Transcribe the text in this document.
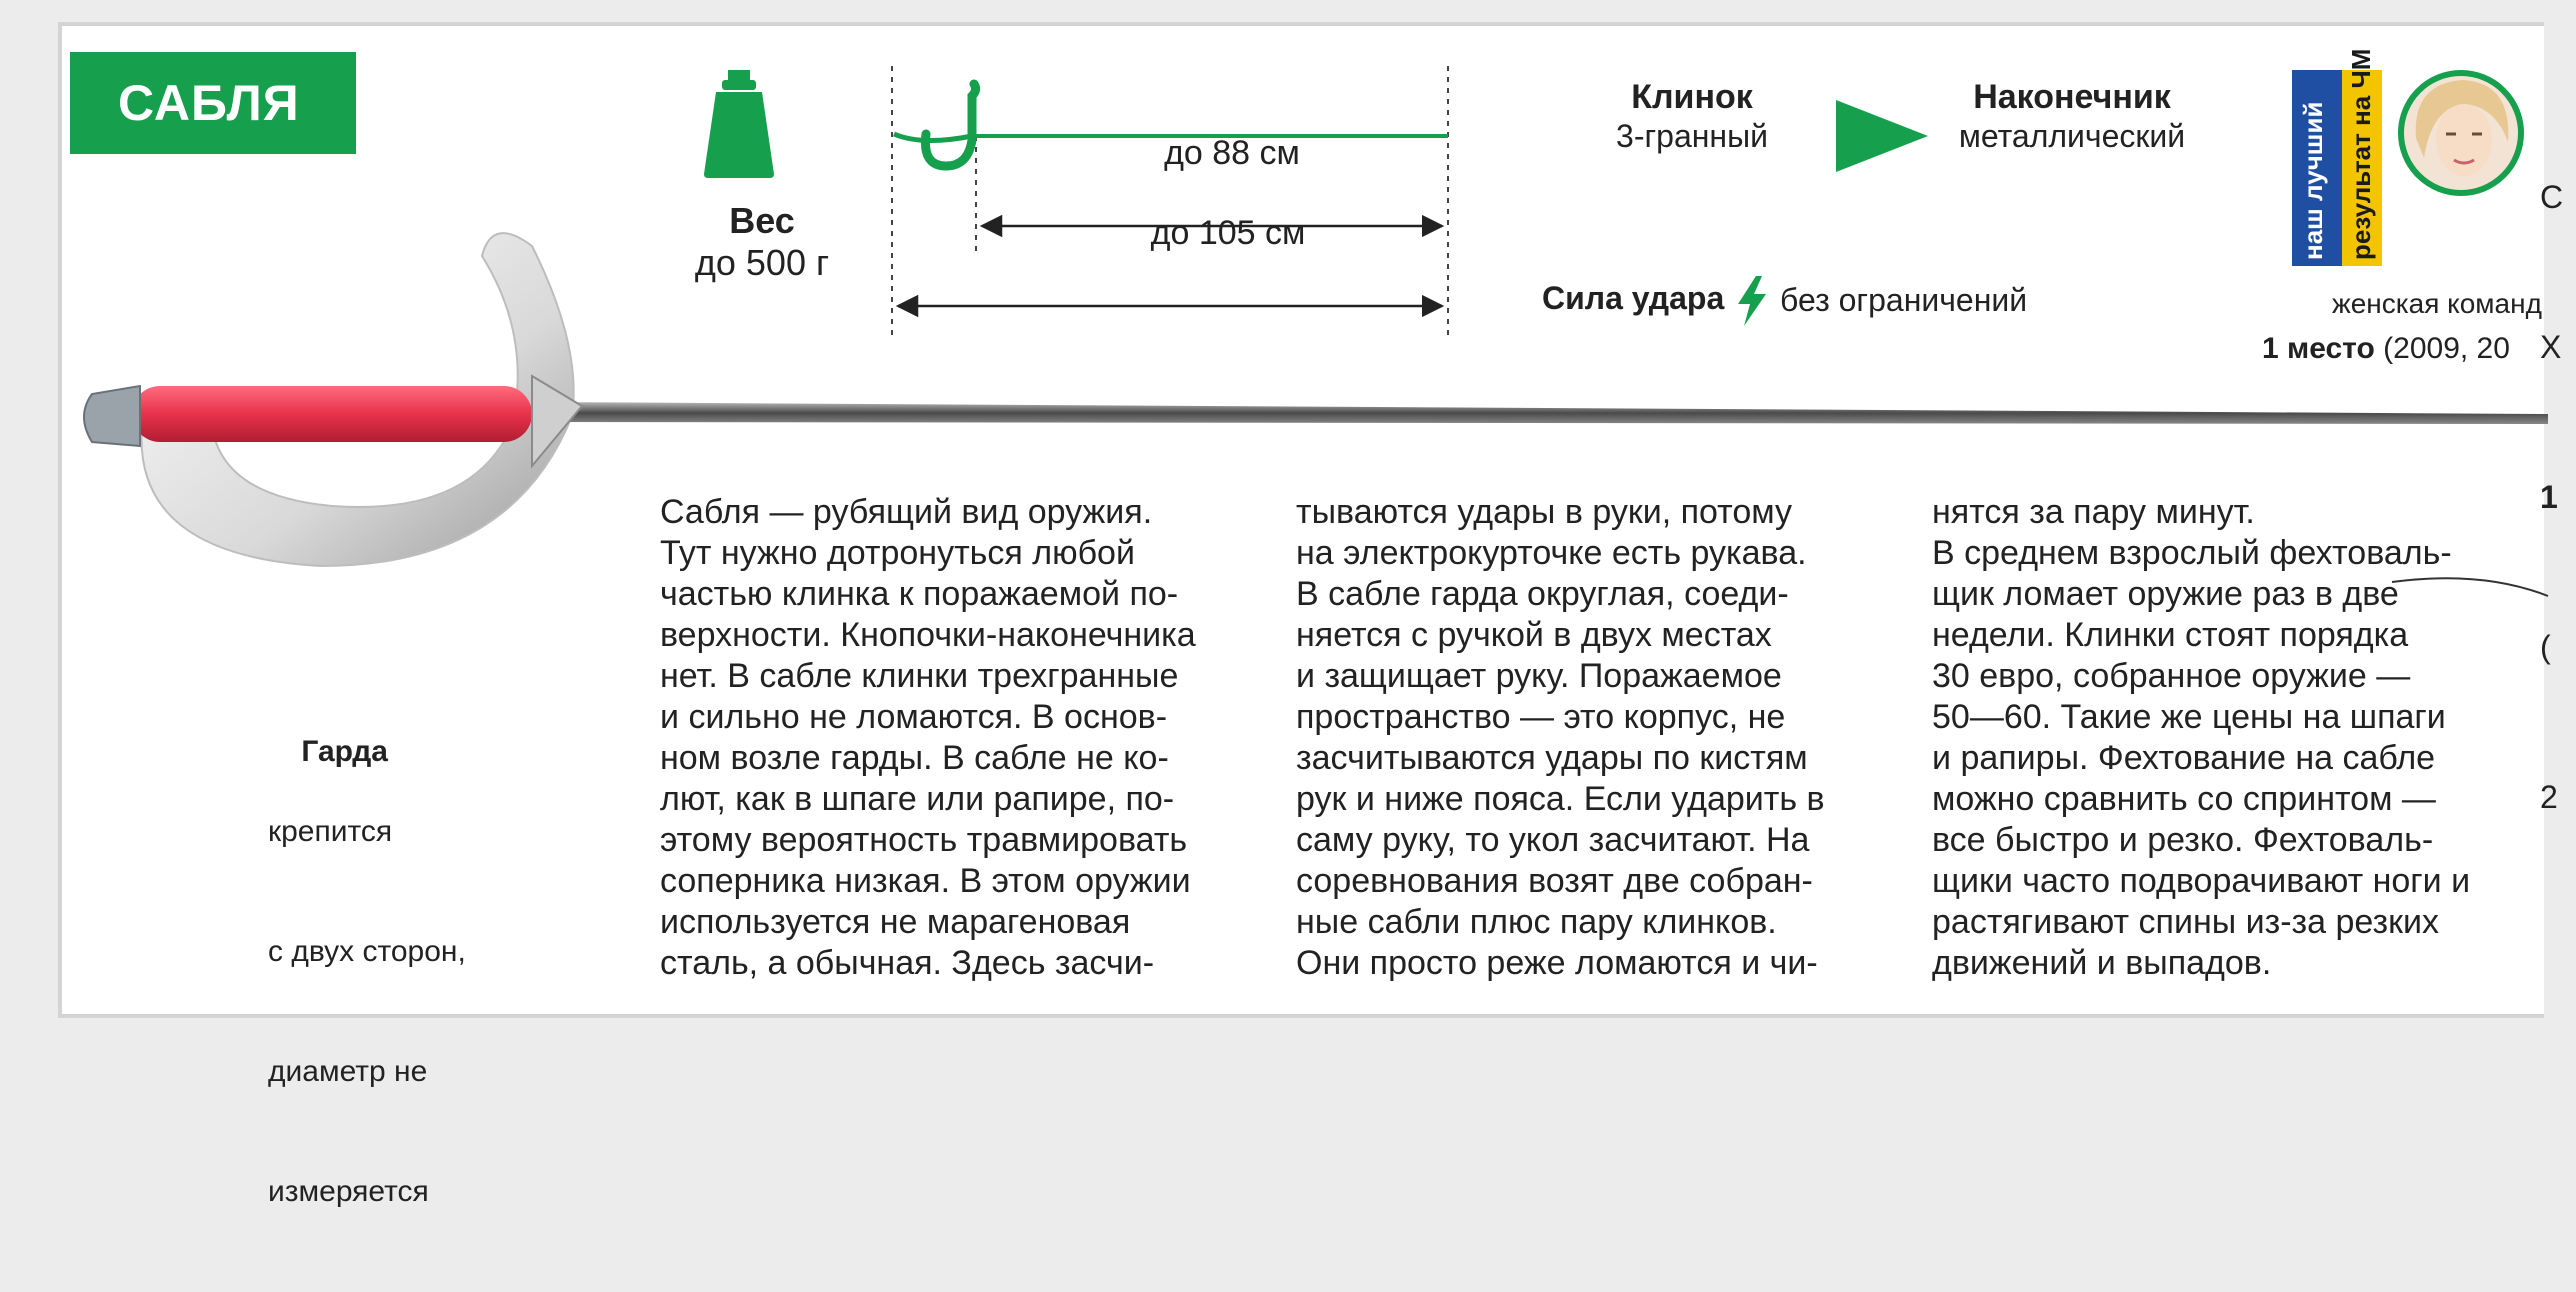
САБЛЯ
Вес
до 500 г
до 88 см
до 105 см
Клинок
3-гранный
Наконечник
металлический
Сила удара	без ограничений
наш лучший результат на ЧМ

	С

Х

1

(

2

женская команд
1 место (2009, 20

Гарда

крепится

с двух сторон,

диаметр не

измеряется

Сабля — рубящий вид оружия.
Тут нужно дотронуться любой
частью клинка к поражаемой по-
верхности. Кнопочки-наконечника
нет. В сабле клинки трехгранные
и сильно не ломаются. В основ-
ном возле гарды. В сабле не ко-
лют, как в шпаге или рапире, по-
этому вероятность травмировать
соперника низкая. В этом оружии
используется не марагеновая
сталь, а обычная. Здесь засчи-
тываются удары в руки, потому
на электрокурточке есть рукава.
В сабле гарда округлая, соеди-
няется с ручкой в двух местах
и защищает руку. Поражаемое
пространство — это корпус, не
засчитываются удары по кистям
рук и ниже пояса. Если ударить в
саму руку, то укол засчитают. На
соревнования возят две собран-
ные сабли плюс пару клинков.
Они просто реже ломаются и чи-
нятся за пару минут.
В среднем взрослый фехтоваль-
щик ломает оружие раз в две
недели. Клинки стоят порядка
30 евро, собранное оружие —
50—60. Такие же цены на шпаги
и рапиры. Фехтование на сабле
можно сравнить со спринтом —
все быстро и резко. Фехтоваль-
щики часто подворачивают ноги и
растягивают спины из-за резких
движений и выпадов.
